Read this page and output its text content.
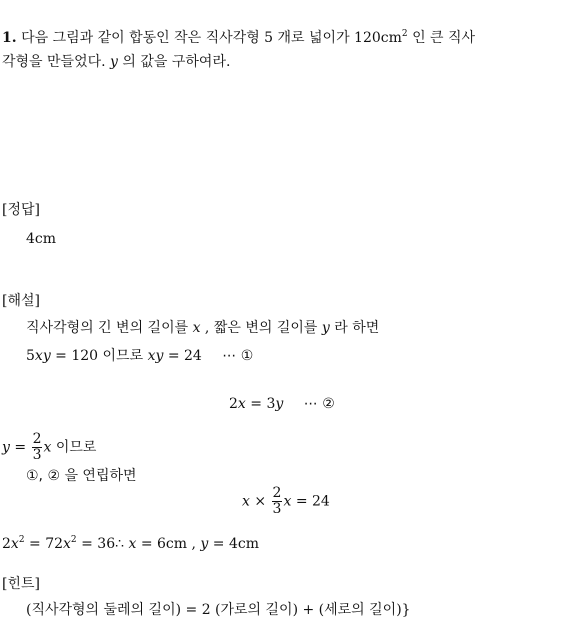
1. 다음 그림과 같이 합동인 작은 직사각형 5 개로 넓이가 $120cm^2$ 인 큰 직사
각형을 만들었다. y 의 값을 구하여라.
[정답]
4cm
[해설]
직사각형의 긴 변의 길이를 x , 짧은 변의 길이를 y 라 하면
5xy = 120 이므로 xy = 24 ⋯ ①
2x = 3y ⋯ ②
$y = \frac{2}{3}$ x 이므로
①, ② 을 연립하면
$x \times \frac{2}{3}$ x = 24
$2x^2 = 72x^2$ = 36∴ x = 6cm , y = 4cm
[힌트]
(직사각형의 둘레의 길이) = 2 (가로의 길이) + (세로의 길이)}
